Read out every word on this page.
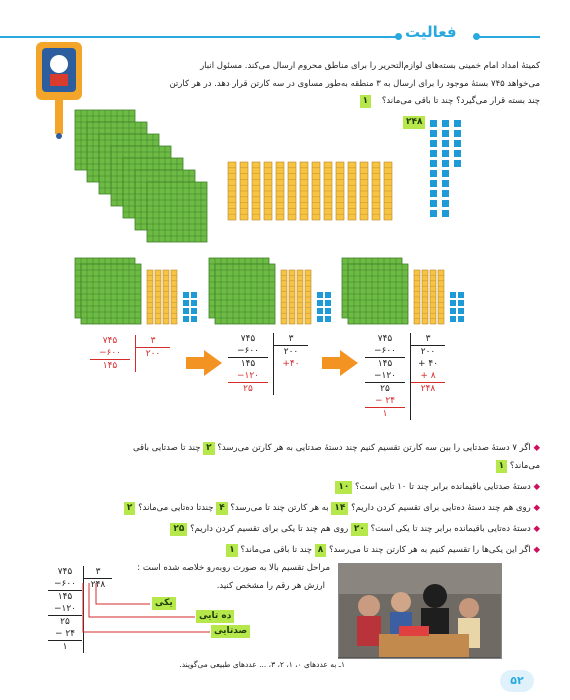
فعالیت
کمیتهٔ امداد امام خمینی بسته‌های لوازم‌التحریر را برای مناطق محروم ارسال می‌کند. مسئول انبار
می‌خواهد ۷۴۵ بستهٔ موجود را برای ارسال به ۳ منطقه به‌طور مساوی در سه کارتن قرار دهد. در هر کارتن
چند بسته قرار می‌گیرد؟ چند تا باقی می‌ماند؟ ۱
۲۴۸
۷۴۵
−۶۰۰
۱۴۵
۳
۲۰۰
۷۴۵
−۶۰۰
۱۴۵
−۱۲۰
۲۵
۳
۲۰۰
+۴۰
۷۴۵
−۶۰۰
۱۴۵
−۱۲۰
۲۵
− ۲۴
۱
۳
۲۰۰
+ ۴۰
+ ۸
۲۴۸
◆ اگر ۷ دستهٔ صدتایی را بین سه کارتن تقسیم کنیم چند دستهٔ صدتایی به هر کارتن می‌رسد؟ ۲ چند تا صدتایی باقی
می‌ماند؟ ۱
◆ دستهٔ صدتایی باقیمانده برابر چند تا ۱۰ تایی است؟ ۱۰
◆ روی هم چند دستهٔ ده‌تایی برای تقسیم کردن داریم؟ ۱۴ به هر کارتن چند تا می‌رسد؟ ۴ چندتا ده‌تایی می‌ماند؟ ۲
◆ دستهٔ ده‌تایی باقیمانده برابر چند تا یکی است؟ ۲۰ روی هم چند تا یکی برای تقسیم کردن داریم؟ ۲۵
◆ اگر این یکی‌ها را تقسیم کنیم به هر کارتن چند تا می‌رسد؟ ۸ چند تا باقی می‌ماند؟ ۱
۷۴۵
−۶۰۰
۱۴۵
−۱۲۰
۲۵
− ۲۴
۱
۳
۲۴۸
یکی
ده تایی
صدتایی
مراحل تقسیم بالا به صورت روبه‌رو خلاصه شده است :
ارزش هر رقم را مشخص کنید.
۱ـ به عددهای ۰، ۱، ۲، ۳، ... عددهای طبیعی می‌گویند.
۵۲
